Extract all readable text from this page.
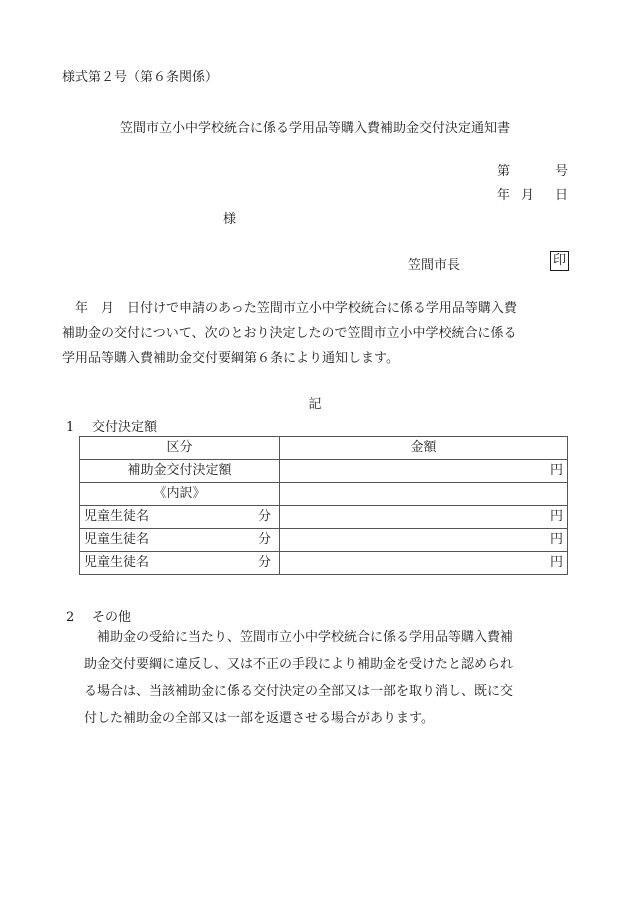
様式第２号（第６条関係）
笠間市立小中学校統合に係る学用品等購入費補助金交付決定通知書
第	号
年 月 日
様
笠間市長	印
　年　月　日付けで申請のあった笠間市立小中学校統合に係る学用品等購入費
補助金の交付について、次のとおり決定したので笠間市立小中学校統合に係る
学用品等購入費補助金交付要綱第６条により通知します。
記
1 交付決定額
区分	金額
補助金交付決定額	円
《内訳》	
児童生徒名 分	円
児童生徒名 分	円
児童生徒名 分	円
2 その他
　補助金の受給に当たり、笠間市立小中学校統合に係る学用品等購入費補
助金交付要綱に違反し、又は不正の手段により補助金を受けたと認められ
る場合は、当該補助金に係る交付決定の全部又は一部を取り消し、既に交
付した補助金の全部又は一部を返還させる場合があります。
